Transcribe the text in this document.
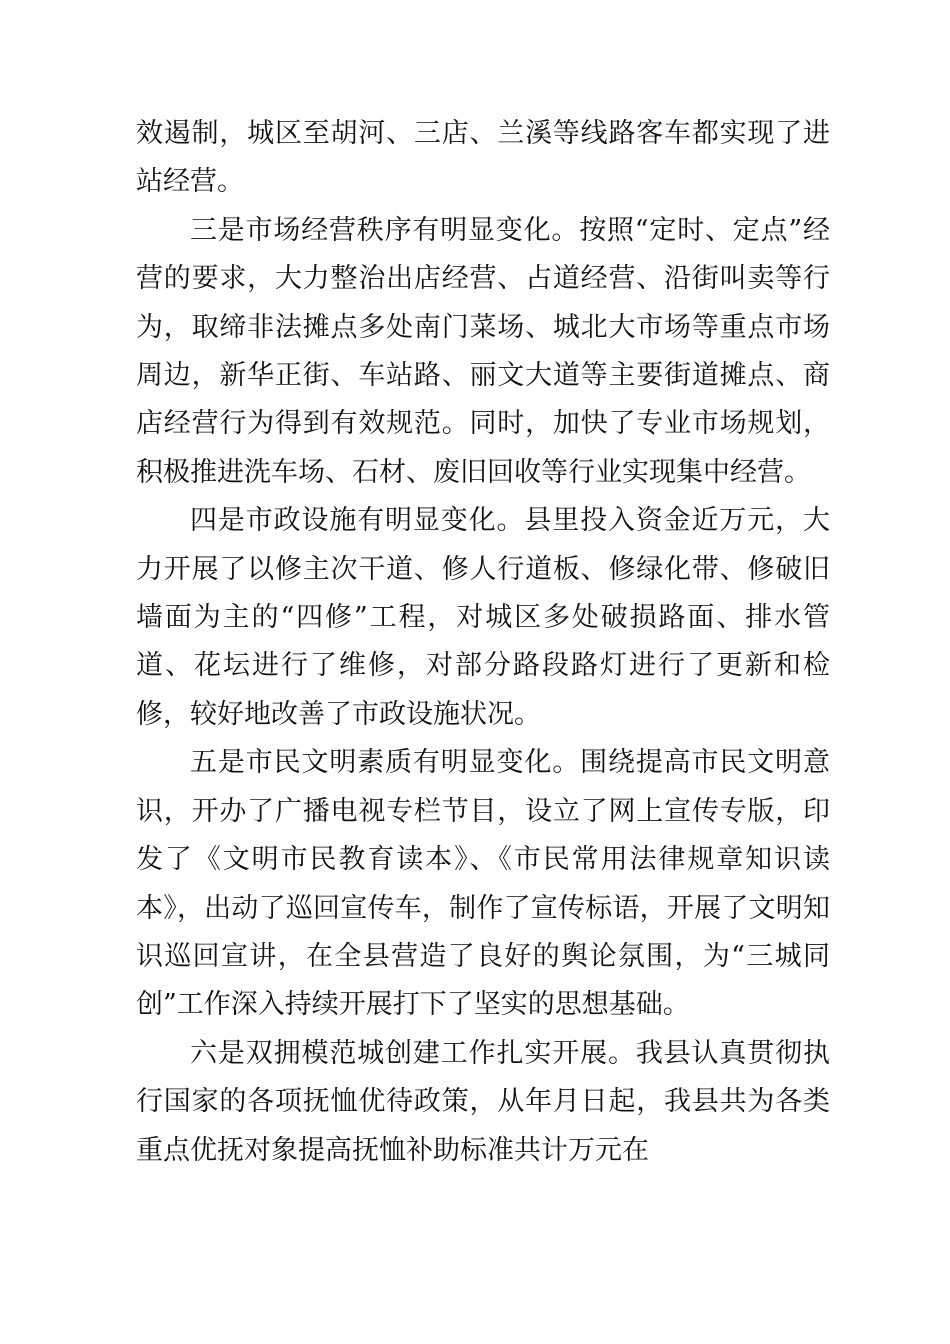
效遏制，城区至胡河、三店、兰溪等线路客车都实现了进站经营。

三是市场经营秩序有明显变化。按照“定时、定点”经营的要求，大力整治出店经营、占道经营、沿街叫卖等行为，取缔非法摊点多处南门菜场、城北大市场等重点市场周边，新华正街、车站路、丽文大道等主要街道摊点、商店经营行为得到有效规范。同时，加快了专业市场规划，积极推进洗车场、石材、废旧回收等行业实现集中经营。

四是市政设施有明显变化。县里投入资金近万元，大力开展了以修主次干道、修人行道板、修绿化带、修破旧墙面为主的“四修”工程，对城区多处破损路面、排水管道、花坛进行了维修，对部分路段路灯进行了更新和检修，较好地改善了市政设施状况。

五是市民文明素质有明显变化。围绕提高市民文明意识，开办了广播电视专栏节目，设立了网上宣传专版，印发了《文明市民教育读本》、《市民常用法律规章知识读本》，出动了巡回宣传车，制作了宣传标语，开展了文明知识巡回宣讲，在全县营造了良好的舆论氛围，为“三城同创”工作深入持续开展打下了坚实的思想基础。

六是双拥模范城创建工作扎实开展。我县认真贯彻执行国家的各项抚恤优待政策，从年月日起，我县共为各类重点优抚对象提高抚恤补助标准共计万元在
